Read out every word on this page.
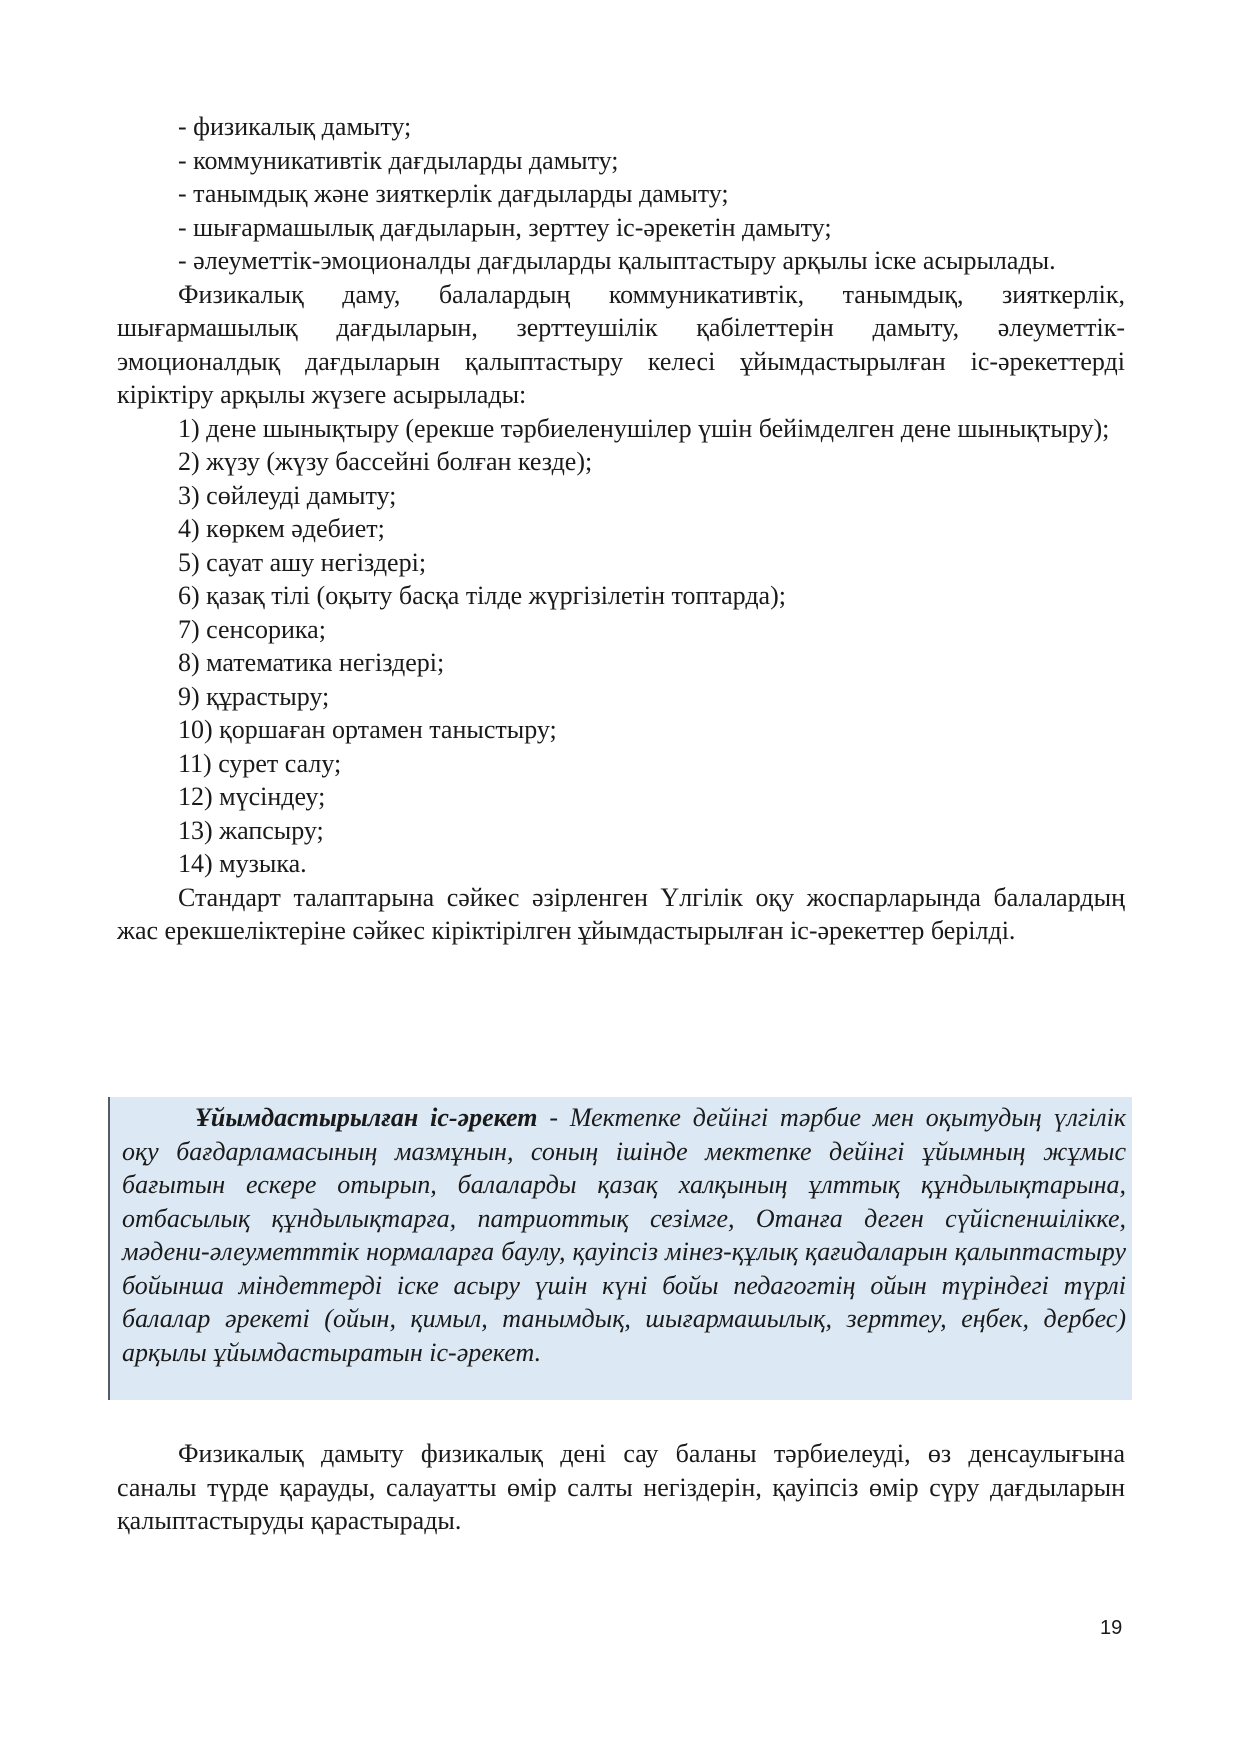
- физикалық дамыту;

- коммуникативтік дағдыларды дамыту;

- танымдық және зияткерлік дағдыларды дамыту;

- шығармашылық дағдыларын, зерттеу іс-әрекетін дамыту;

- әлеуметтік-эмоционалды дағдыларды қалыптастыру арқылы іске асырылады.

Физикалық даму, балалардың коммуникативтік, танымдық, зияткерлік, шығармашылық дағдыларын, зерттеушілік қабілеттерін дамыту, әлеуметтік-эмоционалдық дағдыларын қалыптастыру келесі ұйымдастырылған іс-әрекеттерді кіріктіру арқылы жүзеге асырылады:

1) дене шынықтыру (ерекше тәрбиеленушілер үшін бейімделген дене шынықтыру);

2) жүзу (жүзу бассейні болған кезде);

3) сөйлеуді дамыту;

4) көркем әдебиет;

5) сауат ашу негіздері;

6) қазақ тілі (оқыту басқа тілде жүргізілетін топтарда);

7) сенсорика;

8) математика негіздері;

9) құрастыру;

10) қоршаған ортамен таныстыру;

11) сурет салу;

12) мүсіндеу;

13) жапсыру;

14) музыка.

Стандарт талаптарына сәйкес әзірленген Үлгілік оқу жоспарларында балалардың жас ерекшеліктеріне сәйкес кіріктірілген ұйымдастырылған іс-әрекеттер берілді.

Ұйымдастырылған іс-әрекет - Мектепке дейінгі тәрбие мен оқытудың үлгілік оқу бағдарламасының мазмұнын, соның ішінде мектепке дейінгі ұйымның жұмыс бағытын ескере отырып, балаларды қазақ халқының ұлттық құндылықтарына, отбасылық құндылықтарға, патриоттық сезімге, Отанға деген сүйіспеншілікке, мәдени-әлеуметттік нормаларға баулу, қауіпсіз мінез-құлық қағидаларын қалыптастыру бойынша міндеттерді іске асыру үшін күні бойы педагогтің ойын түріндегі түрлі балалар әрекеті (ойын, қимыл, танымдық, шығармашылық, зерттеу, еңбек, дербес) арқылы ұйымдастыратын іс-әрекет.

Физикалық дамыту физикалық дені сау баланы тәрбиелеуді, өз денсаулығына саналы түрде қарауды, салауатты өмір салты негіздерін, қауіпсіз өмір сүру дағдыларын қалыптастыруды қарастырады.

19
